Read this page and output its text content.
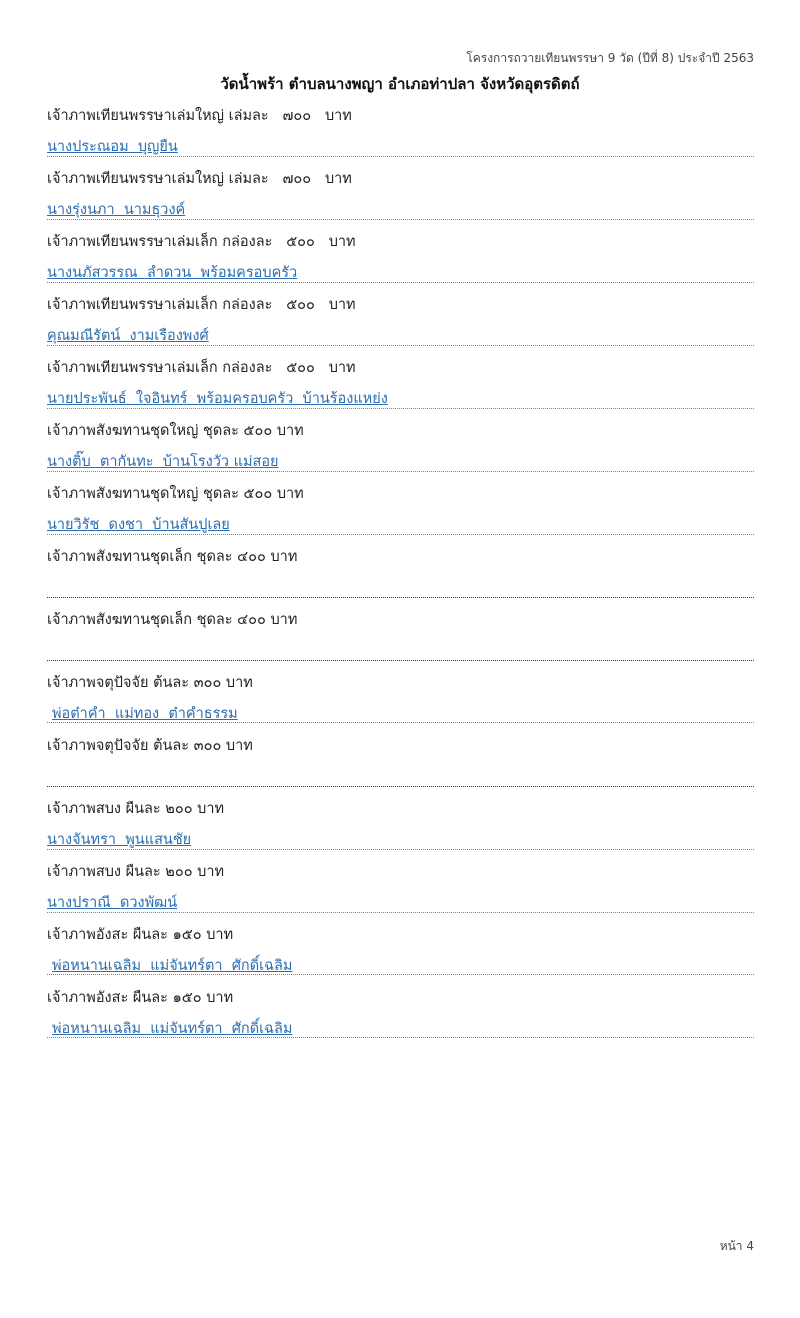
โครงการถวายเทียนพรรษา 9 วัด (ปีที่ 8) ประจำปี 2563
วัดน้ำพร้า ตำบลนางพญา อำเภอท่าปลา จังหวัดอุตรดิตถ์
เจ้าภาพเทียนพรรษาเล่มใหญ่ เล่มละ   ๗๐๐   บาท
นางประณอม  บุญยืน
เจ้าภาพเทียนพรรษาเล่มใหญ่ เล่มละ   ๗๐๐   บาท
นางรุ่งนภา  นามธุวงค์
เจ้าภาพเทียนพรรษาเล่มเล็ก กล่องละ   ๕๐๐   บาท
นางนภัสวรรณ  ลำดวน  พร้อมครอบครัว
เจ้าภาพเทียนพรรษาเล่มเล็ก กล่องละ   ๕๐๐   บาท
คุณมณีรัตน์  งามเรืองพงศ์
เจ้าภาพเทียนพรรษาเล่มเล็ก กล่องละ   ๕๐๐   บาท
นายประพันธ์  ใจอินทร์  พร้อมครอบครัว  บ้านร้องแหย่ง
เจ้าภาพสังฆทานชุดใหญ่ ชุดละ ๕๐๐ บาท
นางติ๊บ  ตากันทะ  บ้านโรงวัว แม่สอย
เจ้าภาพสังฆทานชุดใหญ่ ชุดละ ๕๐๐ บาท
นายวิรัช  ดงชา  บ้านสันปูเลย
เจ้าภาพสังฆทานชุดเล็ก ชุดละ ๔๐๐ บาท
เจ้าภาพสังฆทานชุดเล็ก ชุดละ ๔๐๐ บาท
เจ้าภาพจตุปัจจัย ต้นละ ๓๐๐ บาท
พ่อต๋าคำ  แม่ทอง  ต๋าคำธรรม
เจ้าภาพจตุปัจจัย ต้นละ ๓๐๐ บาท
เจ้าภาพสบง ผืนละ ๒๐๐ บาท
นางจันทรา  พูนแสนชัย
เจ้าภาพสบง ผืนละ ๒๐๐ บาท
นางปราณี  ดวงพัฒน์
เจ้าภาพอังสะ ผืนละ ๑๕๐ บาท
พ่อหนานเฉลิม  แม่จันทร์ตา  ศักดิ์เฉลิม
เจ้าภาพอังสะ ผืนละ ๑๕๐ บาท
พ่อหนานเฉลิม  แม่จันทร์ตา  ศักดิ์เฉลิม
หน้า 4
